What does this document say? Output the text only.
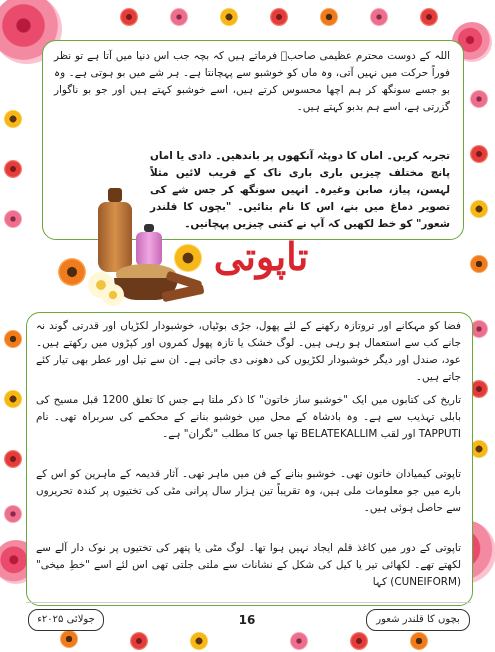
اللہ کے دوست محترم عظیمی صاحبؒ فرماتے ہیں کہ بچہ جب اس دنیا میں آتا ہے تو نظر فوراً حرکت میں نہیں آتی، وہ ماں کو خوشبو سے پہچانتا ہے۔ ہر شے میں بو ہوتی ہے۔ وہ بو جسے سونگھ کر ہم اچھا محسوس کرتے ہیں، اسے خوشبو کہتے ہیں اور جو بو ناگوار گزرتی ہے، اسے ہم بدبو کہتے ہیں۔

تجربہ کریں۔ اماں کا دوپٹہ آنکھوں پر باندھیں۔ دادی یا اماں پانچ مختلف چیزیں باری باری ناک کے قریب لائیں مثلاً لہسن، پیاز، صابن وغیرہ۔ انہیں سونگھ کر جس شے کی تصویر دماغ میں بنے، اس کا نام بتائیں۔ "بچوں کا قلندر شعور" کو خط لکھیں کہ آپ نے کتنی چیزیں پہچانیں۔

تاپوتی

فضا کو مہکانے اور تروتازہ رکھنے کے لئے پھول، جڑی بوٹیاں، خوشبودار لکڑیاں اور قدرتی گوند نہ جانے کب سے استعمال ہو رہی ہیں۔ لوگ خشک یا تازہ پھول کمروں اور کپڑوں میں رکھتے ہیں۔ عود، صندل اور دیگر خوشبودار لکڑیوں کی دھونی دی جاتی ہے۔ ان سے تیل اور عطر بھی تیار کئے جاتے ہیں۔

تاریخ کی کتابوں میں ایک "خوشبو ساز خاتون" کا ذکر ملتا ہے جس کا تعلق 1200 قبل مسیح کی بابلی تہذیب سے ہے۔ وہ بادشاہ کے محل میں خوشبو بنانے کے محکمے کی سربراہ تھی۔ نام TAPPUTI اور لقب BELATEKALLIM تھا جس کا مطلب "نگران" ہے۔

تاپوتی کیمیادان خاتون تھی۔ خوشبو بنانے کے فن میں ماہر تھی۔ آثار قدیمہ کے ماہرین کو اس کے بارے میں جو معلومات ملی ہیں، وہ تقریباً تین ہزار سال پرانی مٹی کی تختیوں پر کندہ تحریروں سے حاصل ہوئی ہیں۔

تاپوتی کے دور میں کاغذ قلم ایجاد نہیں ہوا تھا۔ لوگ مٹی یا پتھر کی تختیوں پر نوک دار آلے سے لکھتے تھے۔ لکھائی تیر یا کیل کی شکل کے نشانات سے ملتی جلتی تھی اس لئے اسے "خطِ میخی" (CUNEIFORM) کہا

بچوں کا قلندر شعور
16
جولائی ۲۰۲۵ء
